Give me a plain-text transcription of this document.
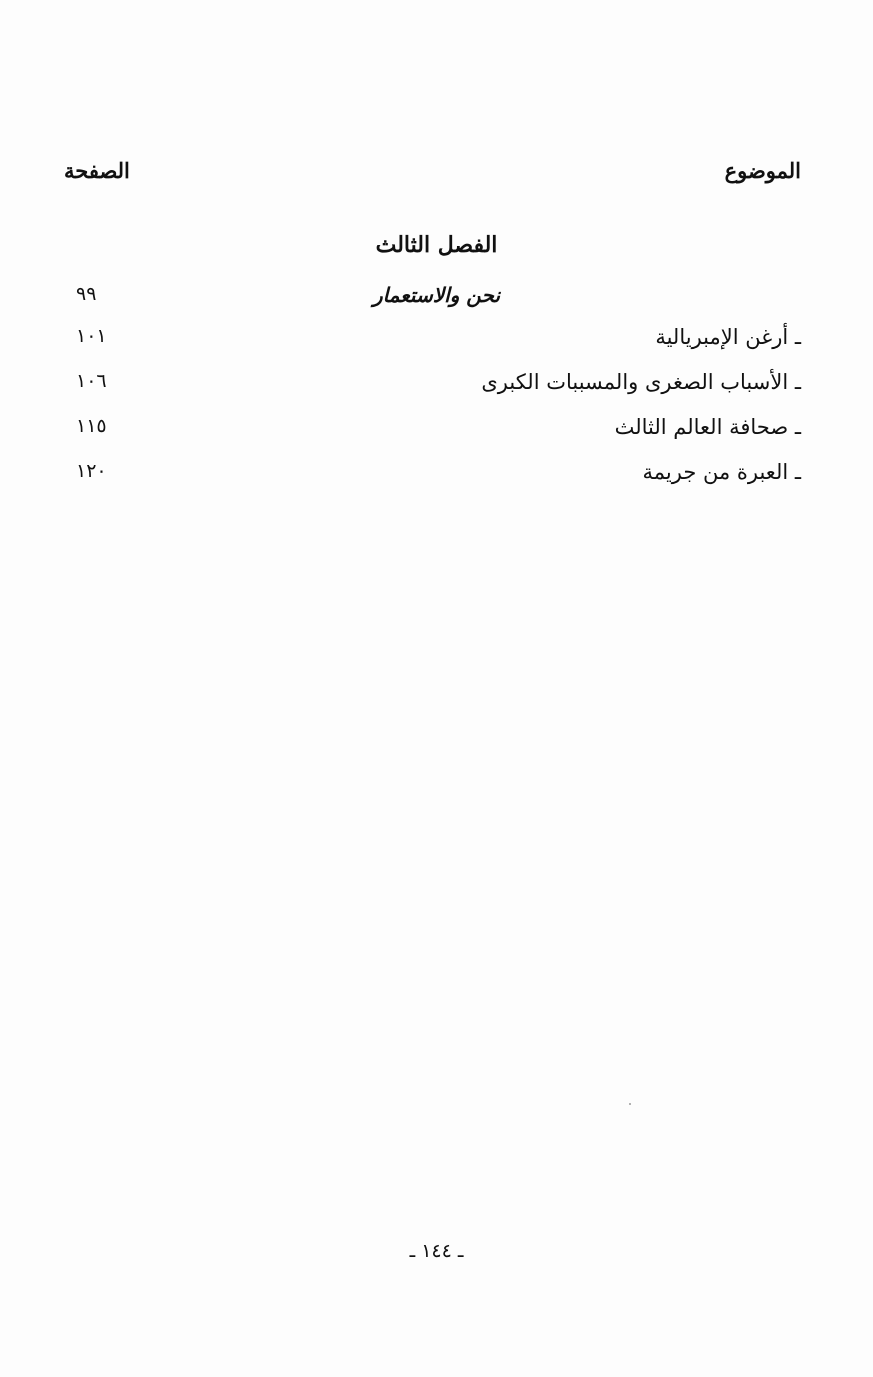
الموضوع
الصفحة
الفصل الثالث
نحن والاستعمار
٩٩
ـ أرغن الإمبريالية
١٠١
ـ الأسباب الصغرى والمسببات الكبرى
١٠٦
ـ صحافة العالم الثالث
١١٥
ـ العبرة من جريمة
١٢٠
ـ ١٤٤ ـ
